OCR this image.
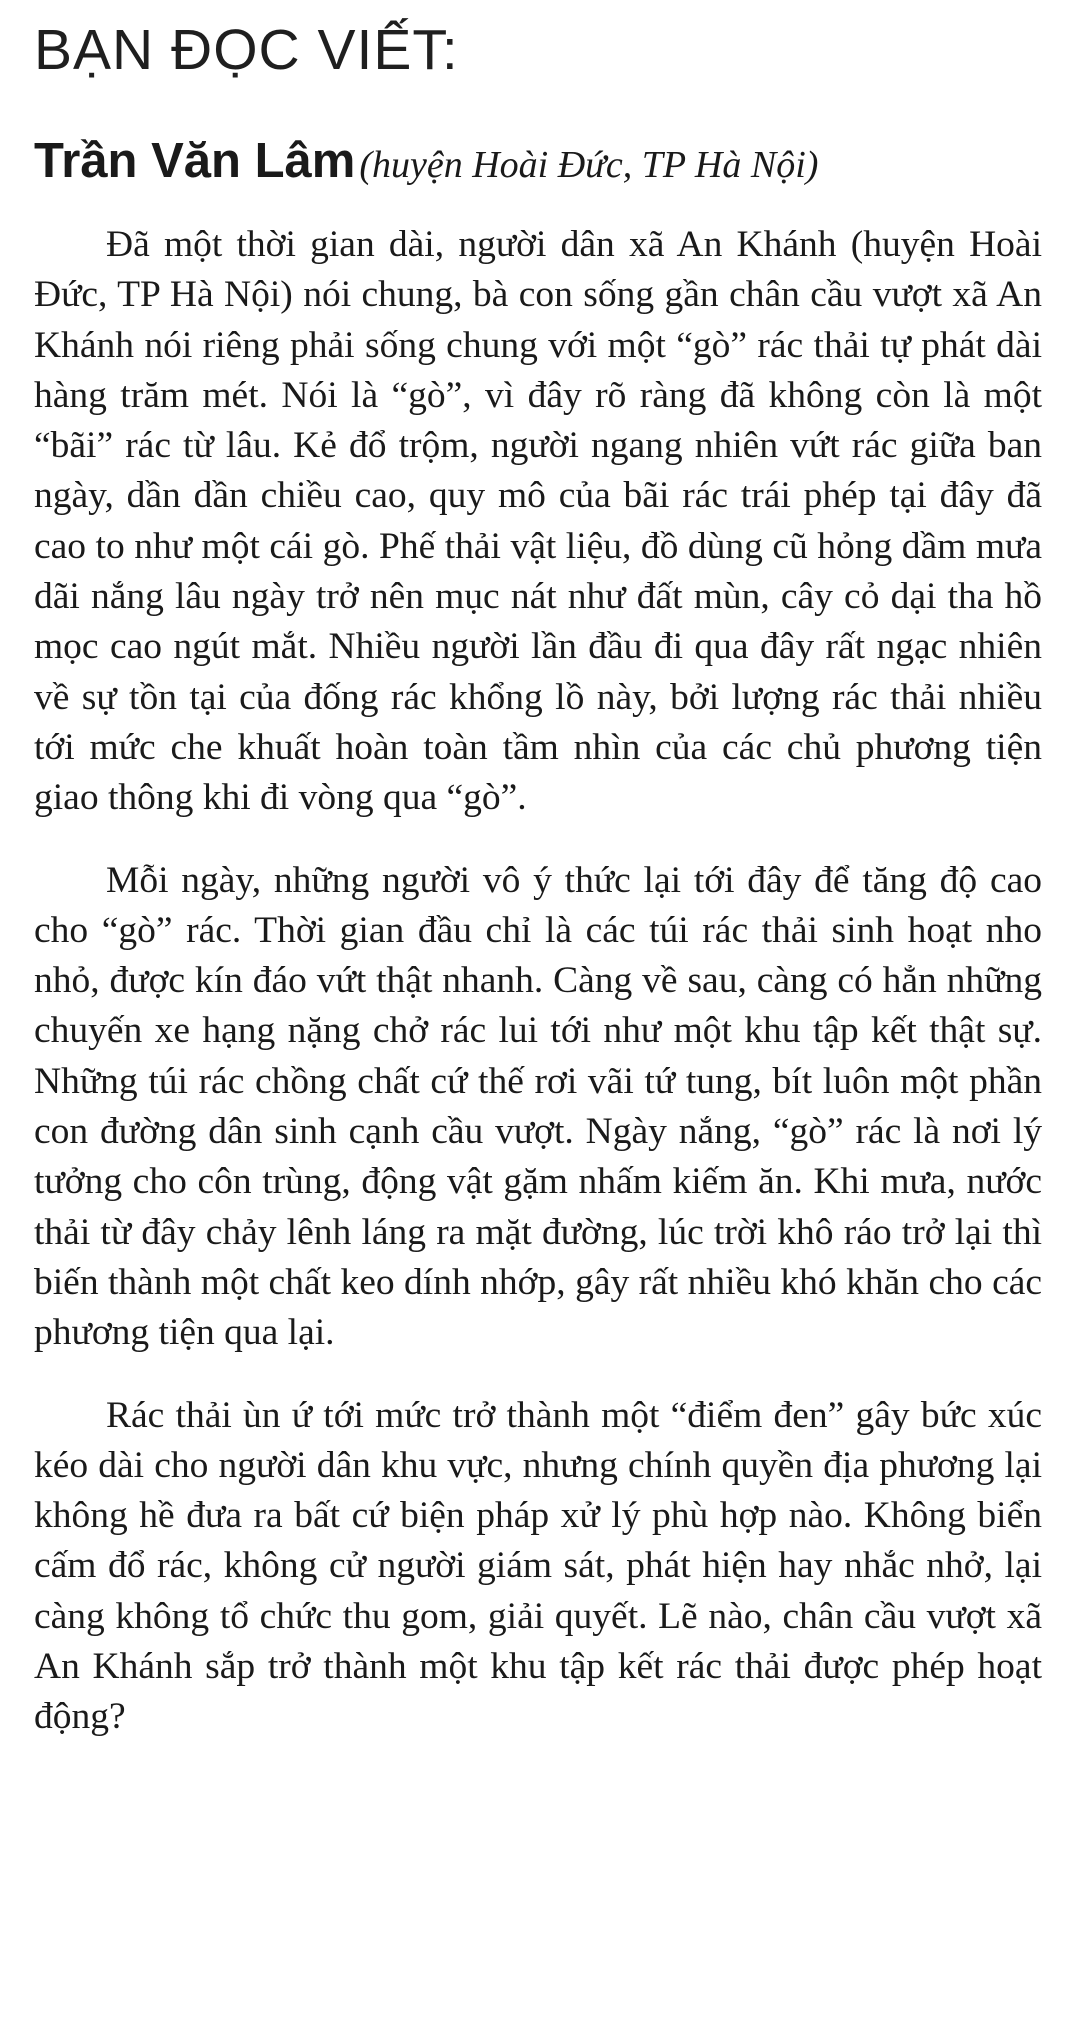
BẠN ĐỌC VIẾT:
Trần Văn Lâm (huyện Hoài Đức, TP Hà Nội)

Đã một thời gian dài, người dân xã An Khánh (huyện Hoài Đức, TP Hà Nội) nói chung, bà con sống gần chân cầu vượt xã An Khánh nói riêng phải sống chung với một “gò” rác thải tự phát dài hàng trăm mét. Nói là “gò”, vì đây rõ ràng đã không còn là một “bãi” rác từ lâu. Kẻ đổ trộm, người ngang nhiên vứt rác giữa ban ngày, dần dần chiều cao, quy mô của bãi rác trái phép tại đây đã cao to như một cái gò. Phế thải vật liệu, đồ dùng cũ hỏng dầm mưa dãi nắng lâu ngày trở nên mục nát như đất mùn, cây cỏ dại tha hồ mọc cao ngút mắt. Nhiều người lần đầu đi qua đây rất ngạc nhiên về sự tồn tại của đống rác khổng lồ này, bởi lượng rác thải nhiều tới mức che khuất hoàn toàn tầm nhìn của các chủ phương tiện giao thông khi đi vòng qua “gò”.

Mỗi ngày, những người vô ý thức lại tới đây để tăng độ cao cho “gò” rác. Thời gian đầu chỉ là các túi rác thải sinh hoạt nho nhỏ, được kín đáo vứt thật nhanh. Càng về sau, càng có hẳn những chuyến xe hạng nặng chở rác lui tới như một khu tập kết thật sự. Những túi rác chồng chất cứ thế rơi vãi tứ tung, bít luôn một phần con đường dân sinh cạnh cầu vượt. Ngày nắng, “gò” rác là nơi lý tưởng cho côn trùng, động vật gặm nhấm kiếm ăn. Khi mưa, nước thải từ đây chảy lênh láng ra mặt đường, lúc trời khô ráo trở lại thì biến thành một chất keo dính nhớp, gây rất nhiều khó khăn cho các phương tiện qua lại.

Rác thải ùn ứ tới mức trở thành một “điểm đen” gây bức xúc kéo dài cho người dân khu vực, nhưng chính quyền địa phương lại không hề đưa ra bất cứ biện pháp xử lý phù hợp nào. Không biển cấm đổ rác, không cử người giám sát, phát hiện hay nhắc nhở, lại càng không tổ chức thu gom, giải quyết. Lẽ nào, chân cầu vượt xã An Khánh sắp trở thành một khu tập kết rác thải được phép hoạt động?
